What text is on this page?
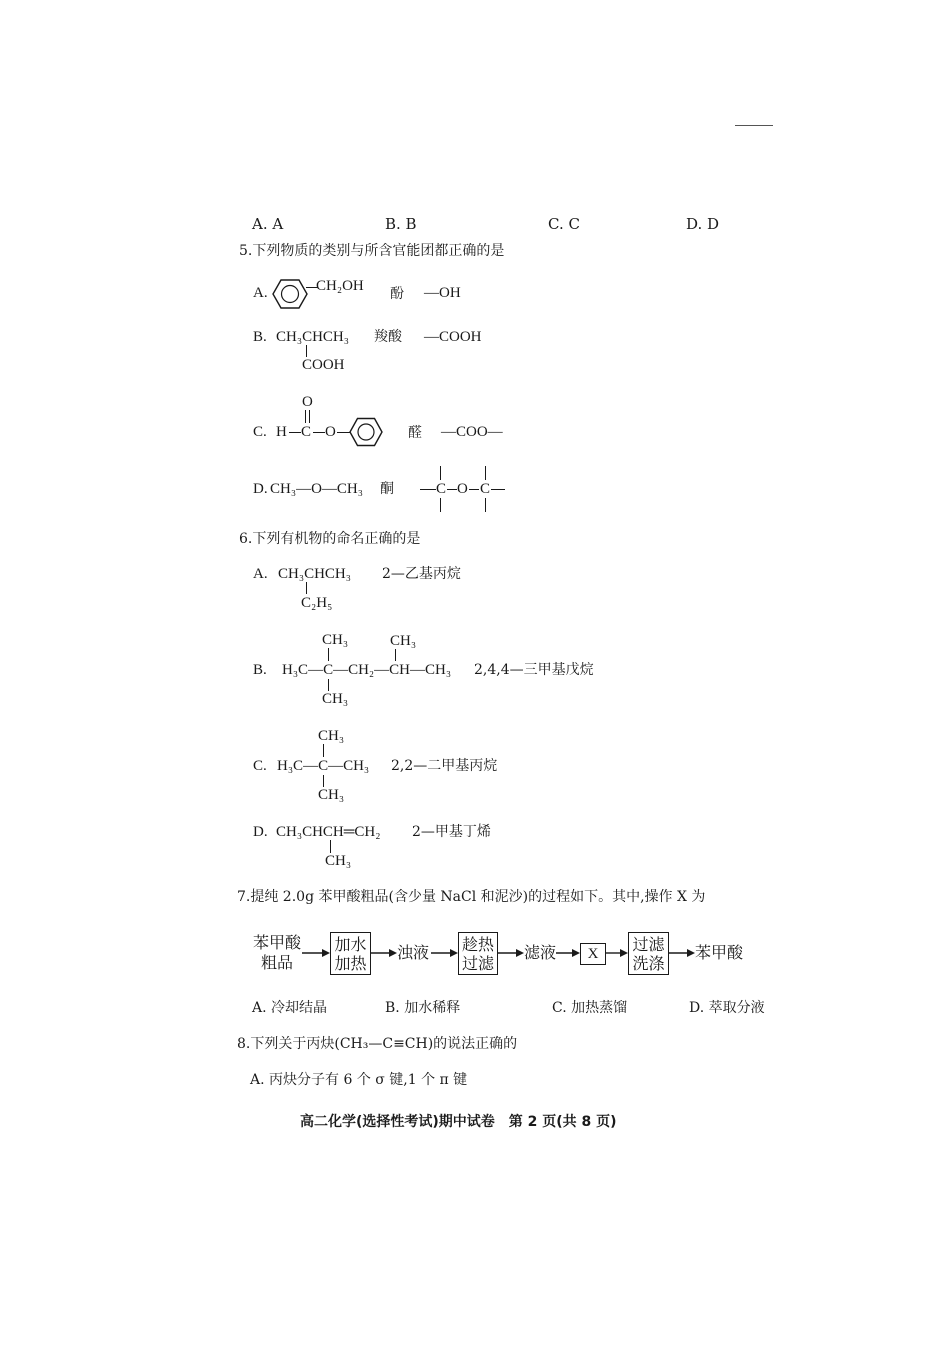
A. A	B. B	C. C	D. D
5.下列物质的类别与所含官能团都正确的是
A.	CH₂OH 酚 —OH
B. CH₃CHCH₃
COOH
羧酸 —COOH
C.
O
H C O	醛 —COO—
D. CH₃—O—CH₃ 酮	C O C
6.下列有机物的命名正确的是
A. CH₃CHCH₃
C₂H₅
2—乙基丙烷
B.
CH₃	CH₃
H₃C—C—CH₂—CH—CH₃
CH₃
2,4,4—三甲基戊烷
C.
CH₃
H₃C—C—CH₃
CH₃
2,2—二甲基丙烷
D. CH₃CHCH═CH₂
CH₃
2—甲基丁烯
7.提纯 2.0g 苯甲酸粗品(含少量 NaCl 和泥沙)的过程如下。其中,操作 X 为
苯甲酸
粗品
加水
加热
浊液 趁热
过滤
滤液	X	过滤
洗涤
苯甲酸
A. 冷却结晶	B. 加水稀释	C. 加热蒸馏	D. 萃取分液
8.下列关于丙炔(CH₃—C≡CH)的说法正确的
A. 丙炔分子有 6 个 σ 键,1 个 π 键
高二化学(选择性考试)期中试卷　第 2 页(共 8 页)
